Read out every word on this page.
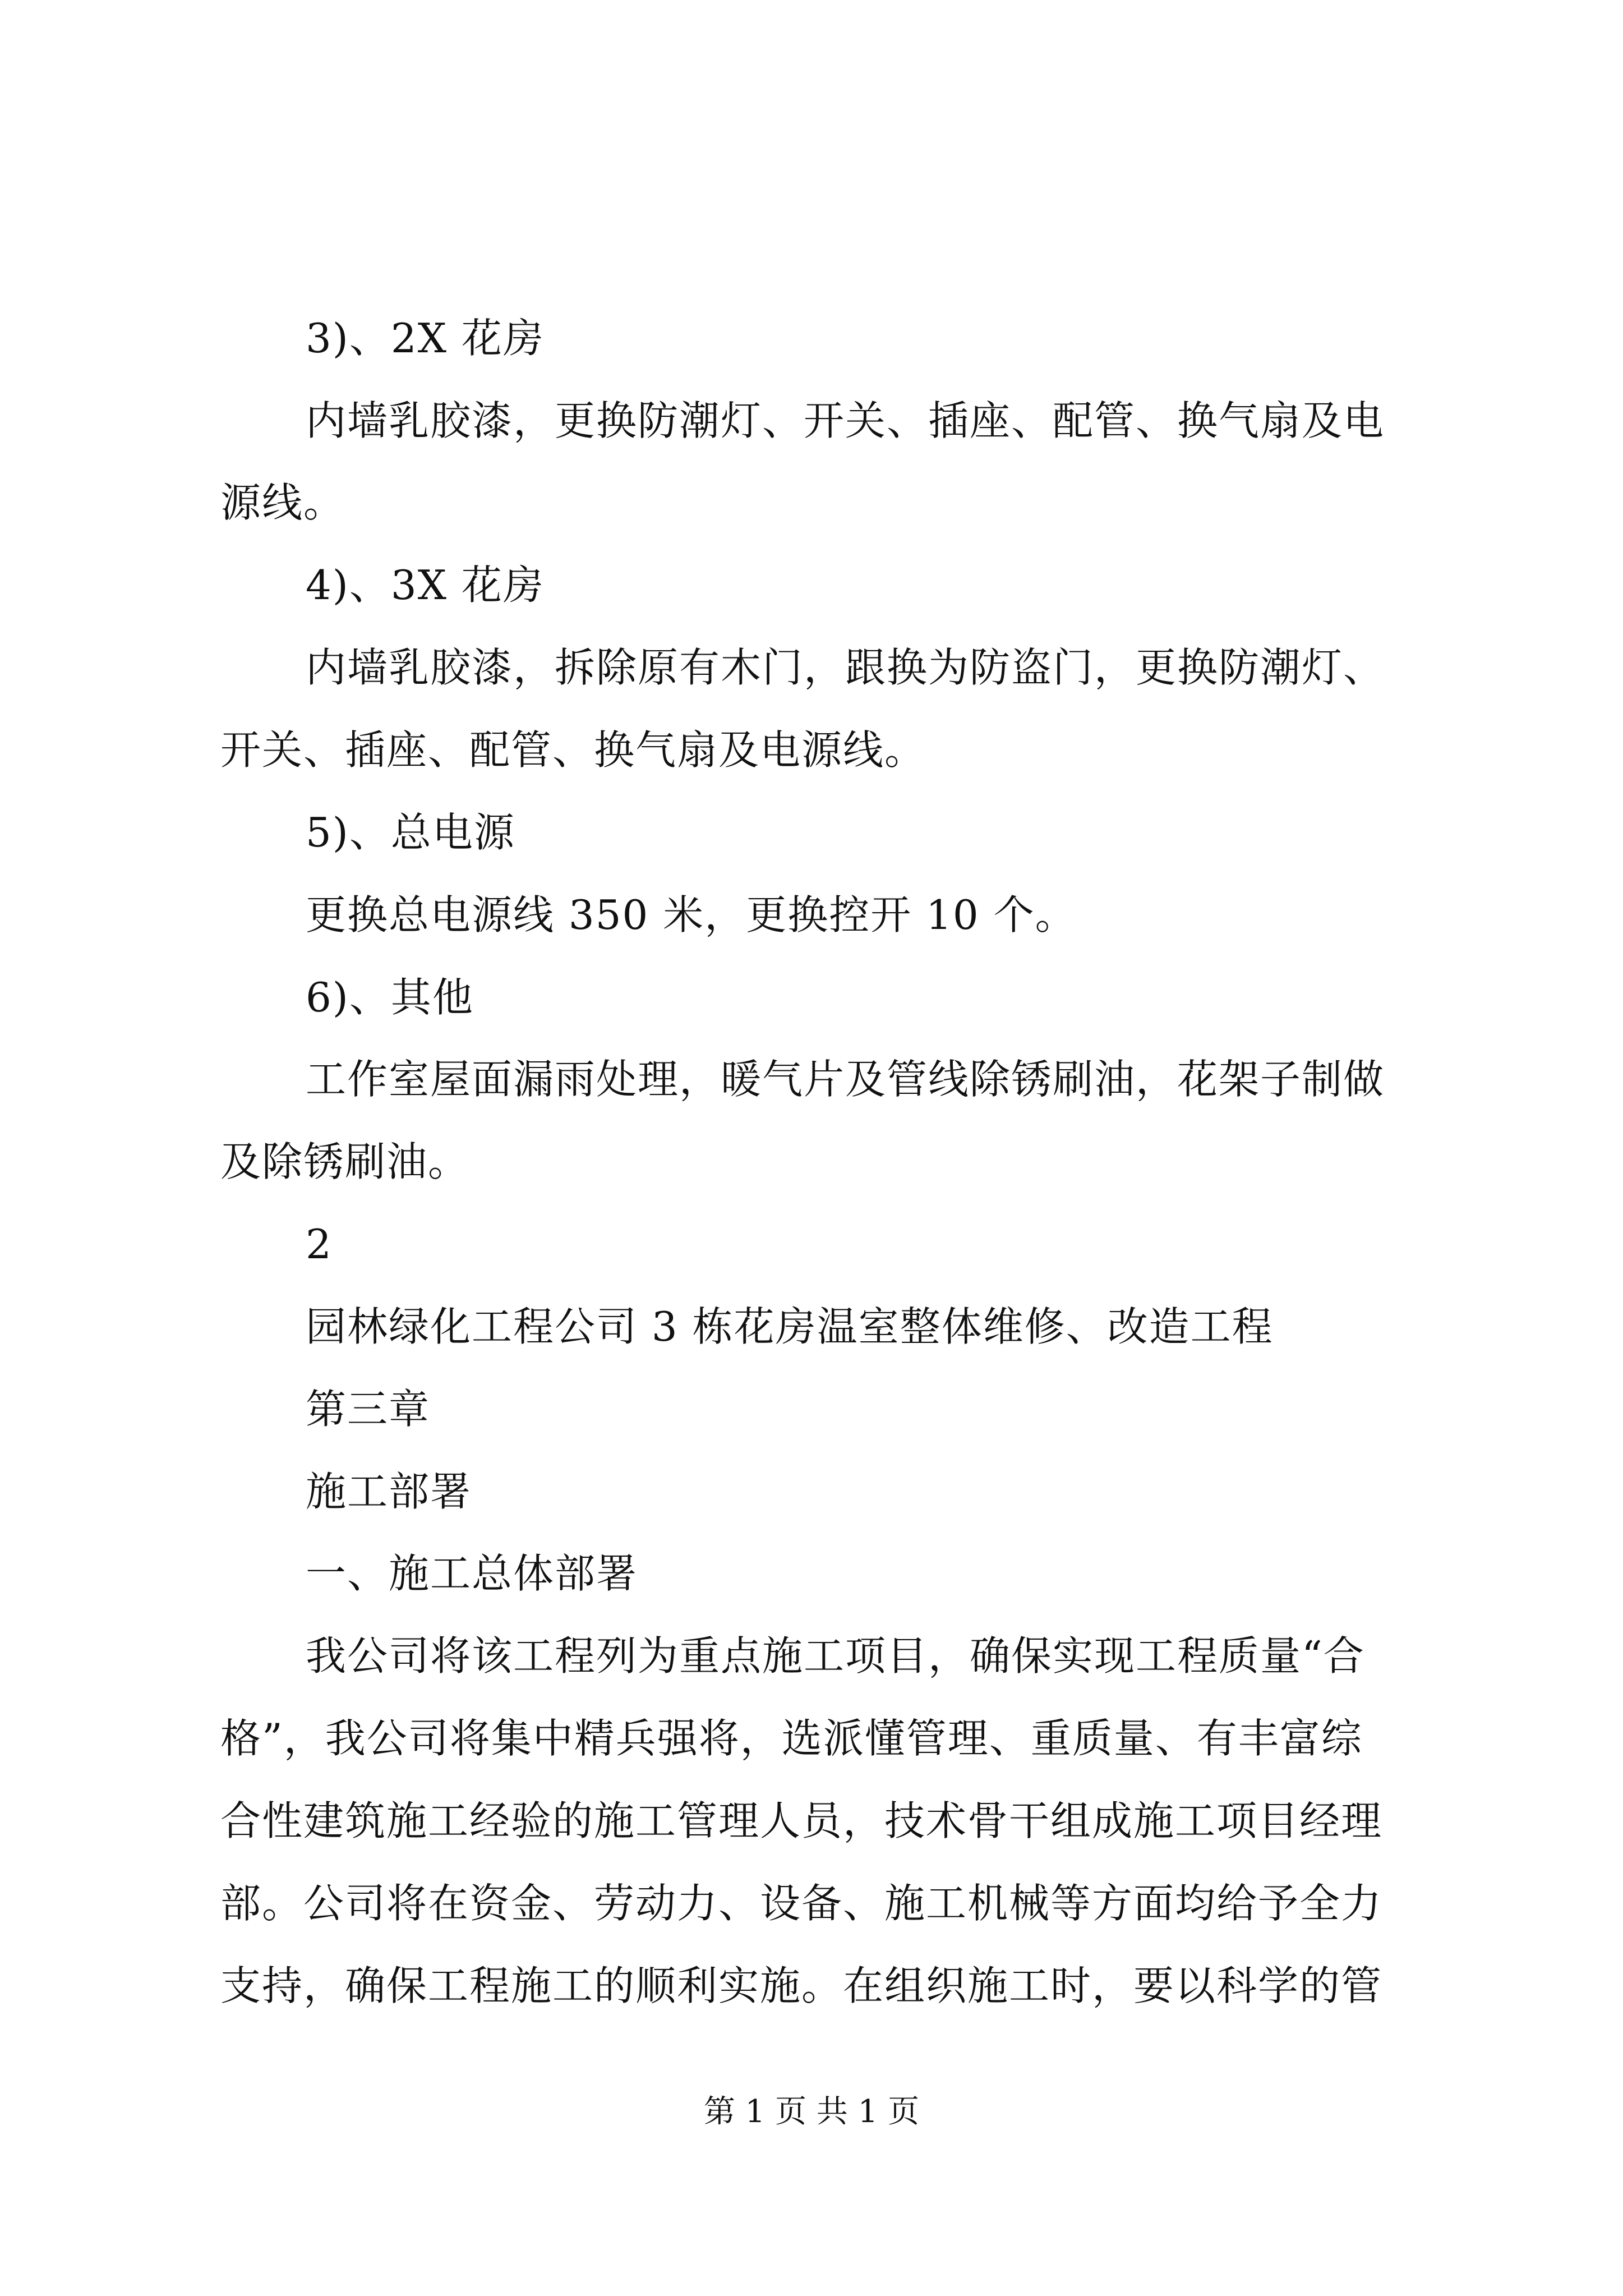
3)、2X 花房
内墙乳胶漆，更换防潮灯、开关、插座、配管、换气扇及电
源线。
4)、3X 花房
内墙乳胶漆，拆除原有木门，跟换为防盗门，更换防潮灯、
开关、插座、配管、换气扇及电源线。
5)、总电源
更换总电源线 350 米，更换控开 10 个。
6)、其他
工作室屋面漏雨处理，暖气片及管线除锈刷油，花架子制做
及除锈刷油。
2
园林绿化工程公司 3 栋花房温室整体维修、改造工程
第三章
施工部署
一、施工总体部署
我公司将该工程列为重点施工项目，确保实现工程质量“合
格”，我公司将集中精兵强将，选派懂管理、重质量、有丰富综
合性建筑施工经验的施工管理人员，技术骨干组成施工项目经理
部。公司将在资金、劳动力、设备、施工机械等方面均给予全力
支持，确保工程施工的顺利实施。在组织施工时，要以科学的管
第 1 页 共 1 页
